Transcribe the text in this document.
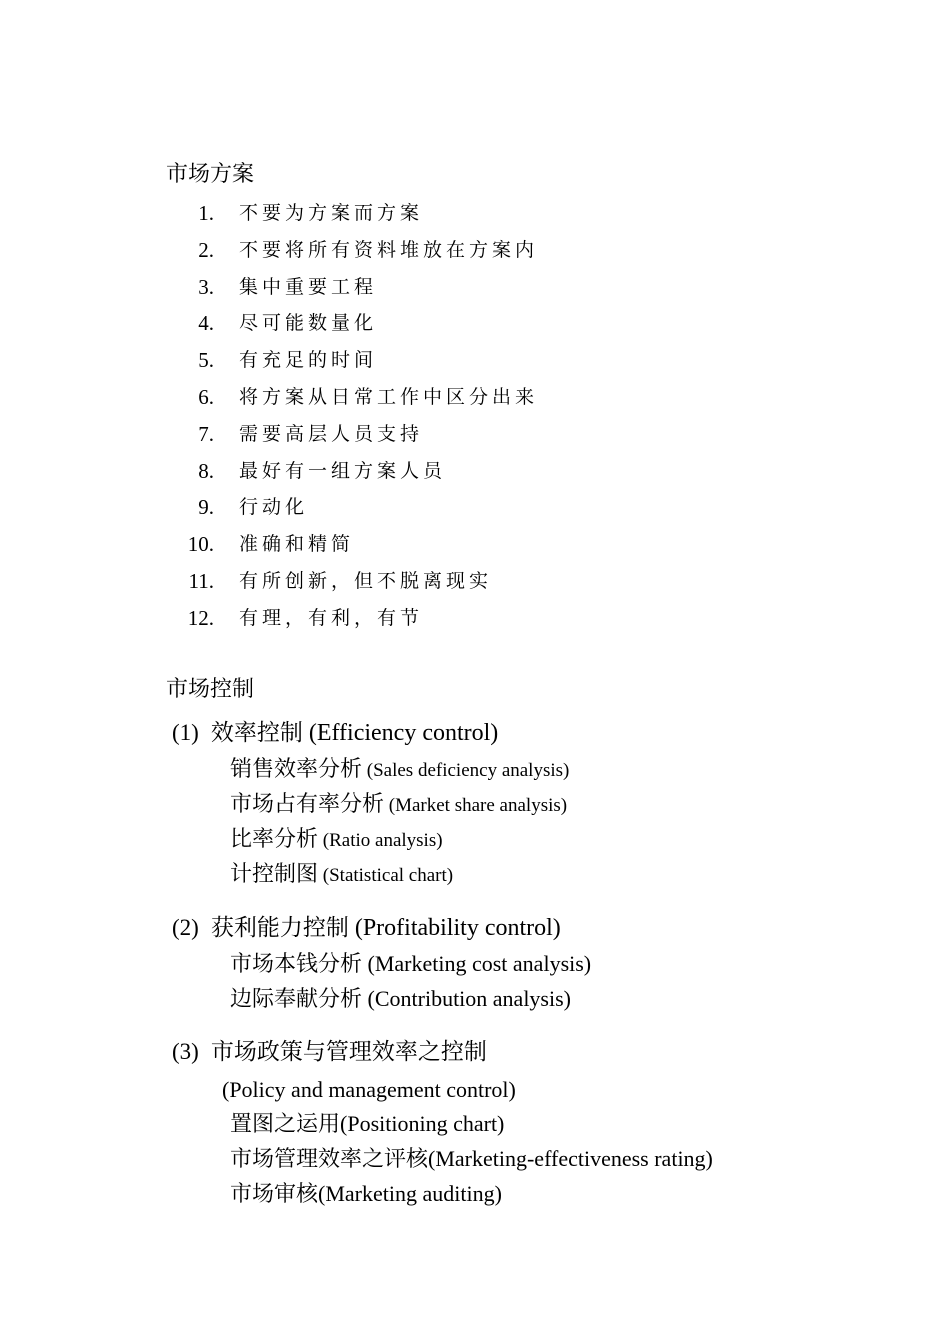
市场方案
1. 不要为方案而方案
2. 不要将所有资料堆放在方案内
3. 集中重要工程
4. 尽可能数量化
5. 有充足的时间
6. 将方案从日常工作中区分出来
7. 需要高层人员支持
8. 最好有一组方案人员
9. 行动化
10. 准确和精简
11. 有所创新，但不脱离现实
12. 有理，有利，有节
市场控制
(1) 效率控制 (Efficiency control)
销售效率分析 (Sales deficiency analysis)
市场占有率分析 (Market share analysis)
比率分析 (Ratio analysis)
计控制图 (Statistical chart)
(2) 获利能力控制 (Profitability control)
市场本钱分析 (Marketing cost analysis)
边际奉献分析 (Contribution analysis)
(3) 市场政策与管理效率之控制
(Policy and management control)
置图之运用(Positioning chart)
市场管理效率之评核(Marketing-effectiveness rating)
市场审核(Marketing auditing)
